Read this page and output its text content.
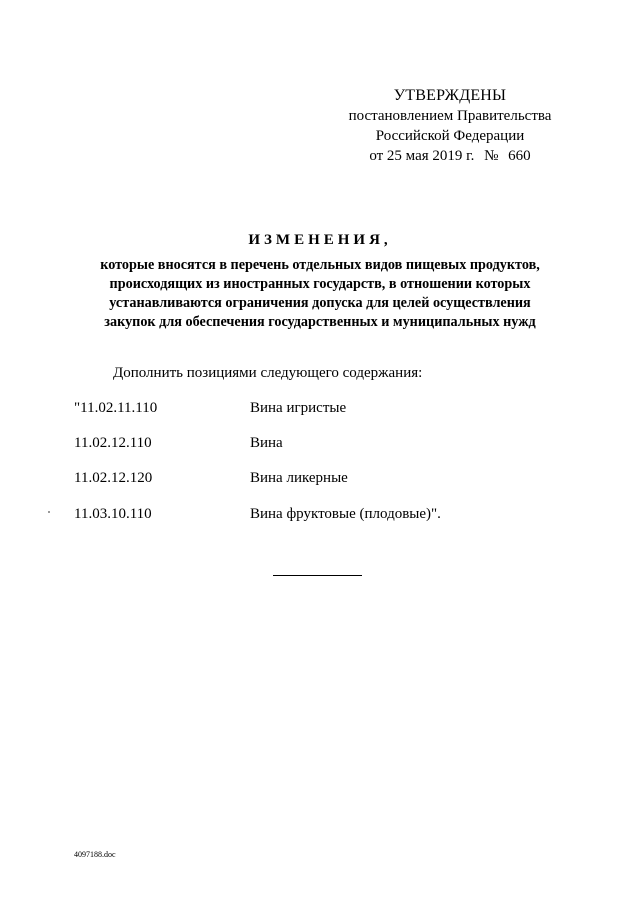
УТВЕРЖДЕНЫ
постановлением Правительства
Российской Федерации
от 25 мая 2019 г. № 660
ИЗМЕНЕНИЯ,
которые вносятся в перечень отдельных видов пищевых продуктов,
происходящих из иностранных государств, в отношении которых
устанавливаются ограничения допуска для целей осуществления
закупок для обеспечения государственных и муниципальных нужд
Дополнить позициями следующего содержания:
"11.02.11.110	Вина игристые
11.02.12.110	Вина
11.02.12.120	Вина ликерные
11.03.10.110	Вина фруктовые (плодовые)".
4097188.doc
